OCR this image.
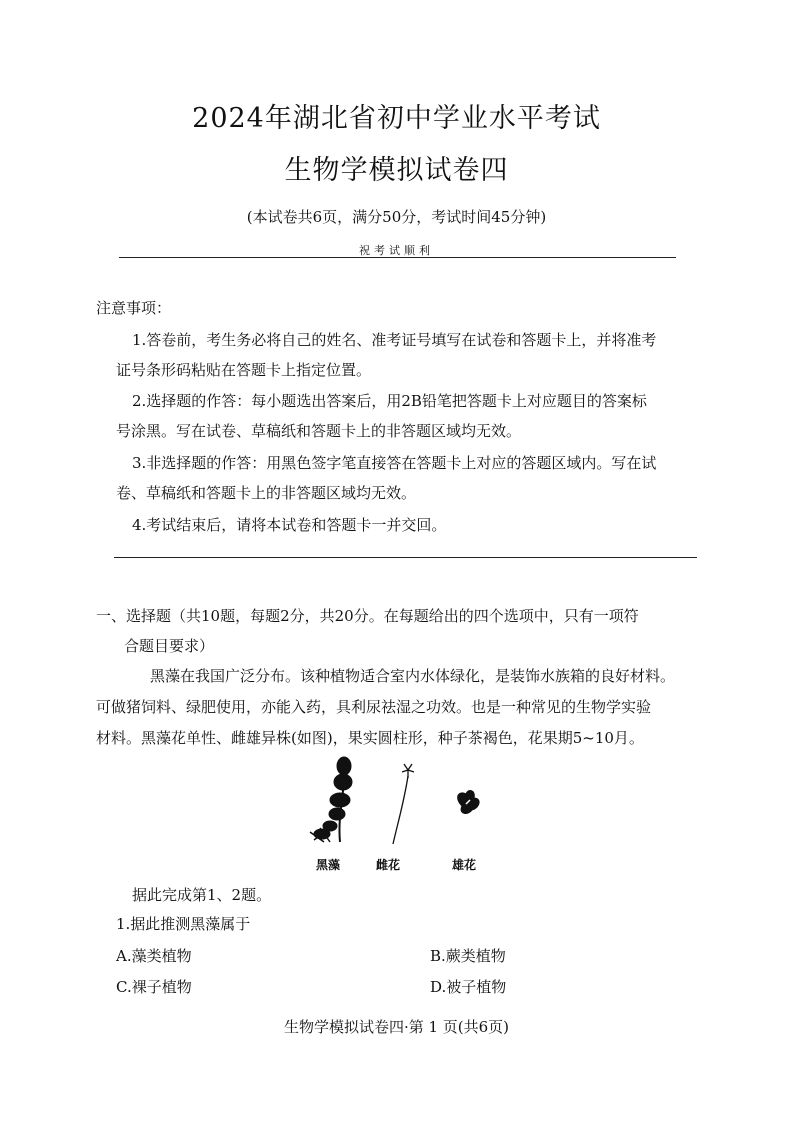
2024年湖北省初中学业水平考试
生物学模拟试卷四
(本试卷共6页，满分50分，考试时间45分钟)
祝考试顺利
注意事项：
1.答卷前，考生务必将自己的姓名、准考证号填写在试卷和答题卡上，并将准考
证号条形码粘贴在答题卡上指定位置。
2.选择题的作答：每小题选出答案后，用2B铅笔把答题卡上对应题目的答案标
号涂黑。写在试卷、草稿纸和答题卡上的非答题区域均无效。
3.非选择题的作答：用黑色签字笔直接答在答题卡上对应的答题区域内。写在试
卷、草稿纸和答题卡上的非答题区域均无效。
4.考试结束后，请将本试卷和答题卡一并交回。
一、选择题（共10题，每题2分，共20分。在每题给出的四个选项中，只有一项符
合题目要求）
黑藻在我国广泛分布。该种植物适合室内水体绿化，是装饰水族箱的良好材料。
可做猪饲料、绿肥使用，亦能入药，具利尿祛湿之功效。也是一种常见的生物学实验
材料。黑藻花单性、雌雄异株(如图)，果实圆柱形，种子茶褐色，花果期5~10月。
黑藻	雌花	雄花
据此完成第1、2题。
1.据此推测黑藻属于
A.藻类植物	B.蕨类植物
C.裸子植物	D.被子植物
生物学模拟试卷四·第 1 页(共6页)
